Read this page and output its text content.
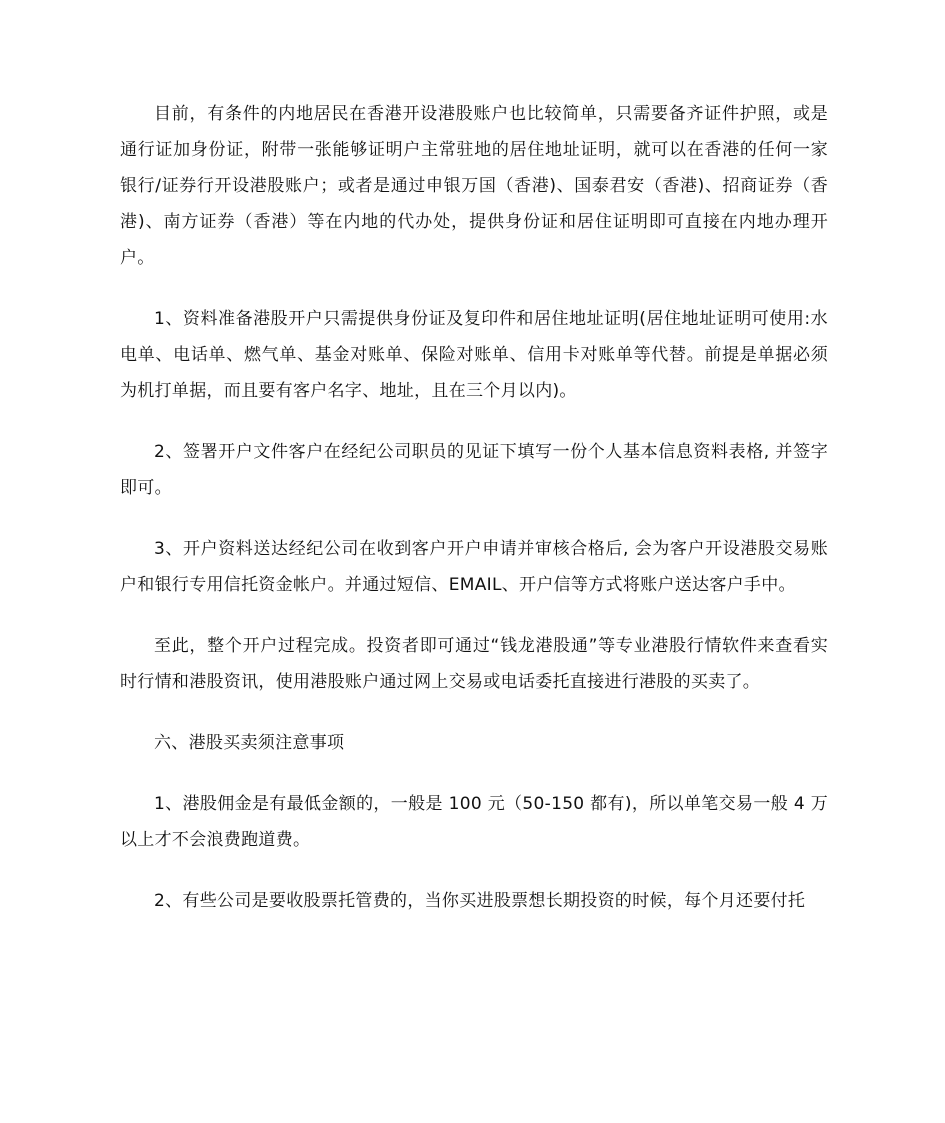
目前，有条件的内地居民在香港开设港股账户也比较简单，只需要备齐证件护照，或是通行证加身份证，附带一张能够证明户主常驻地的居住地址证明，就可以在香港的任何一家银行/证券行开设港股账户；或者是通过申银万国（香港)、国泰君安（香港)、招商证券（香港)、南方证券（香港）等在内地的代办处，提供身份证和居住证明即可直接在内地办理开户。

1、资料准备港股开户只需提供身份证及复印件和居住地址证明(居住地址证明可使用:水电单、电话单、燃气单、基金对账单、保险对账单、信用卡对账单等代替。前提是单据必须为机打单据，而且要有客户名字、地址，且在三个月以内)。

2、签署开户文件客户在经纪公司职员的见证下填写一份个人基本信息资料表格, 并签字即可。

3、开户资料送达经纪公司在收到客户开户申请并审核合格后, 会为客户开设港股交易账户和银行专用信托资金帐户。并通过短信、EMAIL、开户信等方式将账户送达客户手中。

至此，整个开户过程完成。投资者即可通过“钱龙港股通”等专业港股行情软件来查看实时行情和港股资讯，使用港股账户通过网上交易或电话委托直接进行港股的买卖了。

六、港股买卖须注意事项

1、港股佣金是有最低金额的，一般是 100 元（50-150 都有)，所以单笔交易一般 4 万以上才不会浪费跑道费。

2、有些公司是要收股票托管费的，当你买进股票想长期投资的时候，每个月还要付托
